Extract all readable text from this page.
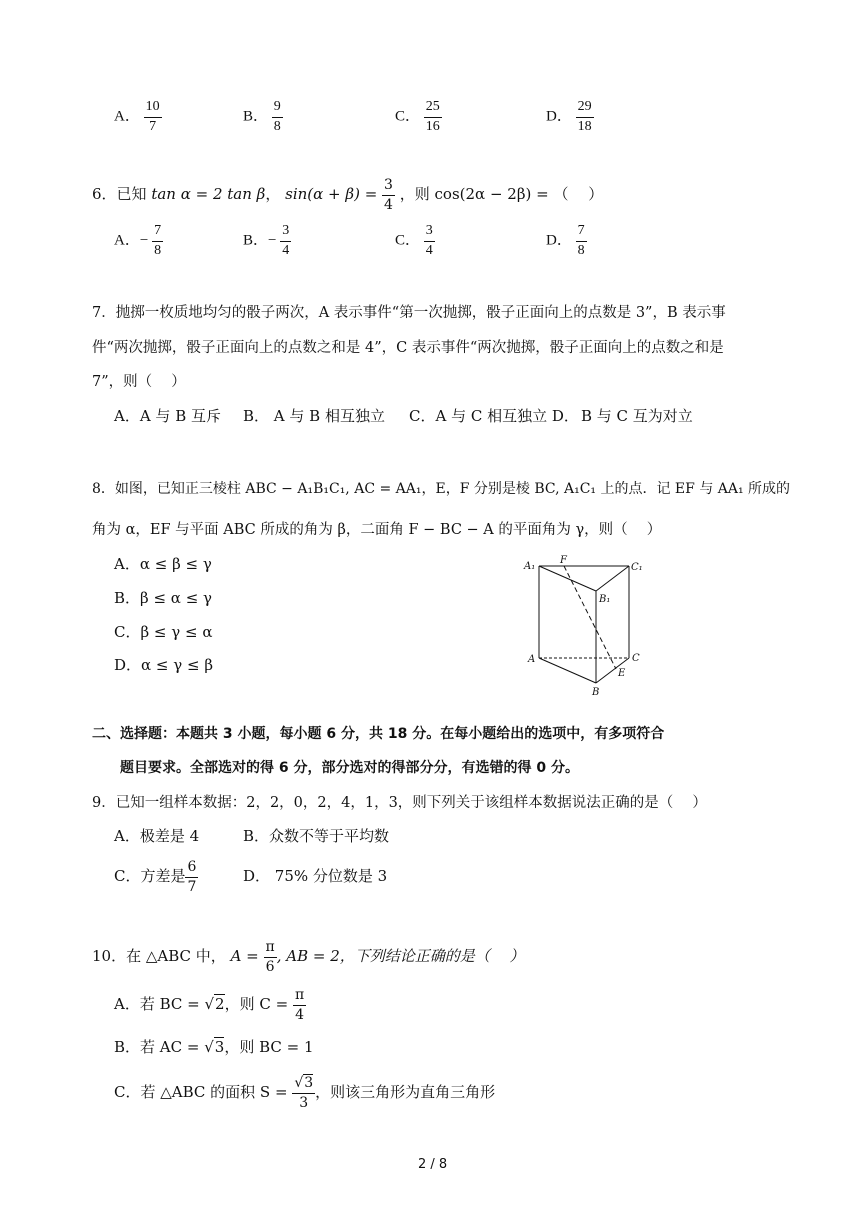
A． $\frac{10}{7}$	B． $\frac{9}{8}$	C． $\frac{25}{16}$	D． $\frac{29}{18}$
6．已知 tan α = 2 tan β， $\sin(\alpha + \beta) = \frac{3}{4}$ ，则 cos(2α − 2β) = （　 ）
A．− $\frac{7}{8}$	B．− $\frac{3}{4}$	C． $\frac{3}{4}$	D． $\frac{7}{8}$
7．抛掷一枚质地均匀的骰子两次，A 表示事件“第一次抛掷，骰子正面向上的点数是 3”，B 表示事
件“两次抛掷，骰子正面向上的点数之和是 4”，C 表示事件“两次抛掷，骰子正面向上的点数之和是
7”，则（　 ）
A．A 与 B 互斥 B． A 与 B 相互独立 C．A 与 C 相互独立 D． B 与 C 互为对立
8．如图，已知正三棱柱 ABC − A₁B₁C₁, AC = AA₁，E，F 分别是棱 BC, A₁C₁ 上的点．记 EF 与 AA₁ 所成的
角为 α，EF 与平面 ABC 所成的角为 β，二面角 F − BC − A 的平面角为 γ，则（　 ）
A．α ≤ β ≤ γ
B．β ≤ α ≤ γ
C．β ≤ γ ≤ α
D．α ≤ γ ≤ β
A₁
F
C₁
B₁
A	C
E
B
二、选择题：本题共 3 小题，每小题 6 分，共 18 分。在每小题给出的选项中，有多项符合
题目要求。全部选对的得 6 分，部分选对的得部分分，有选错的得 0 分。
9．已知一组样本数据：2，2，0，2，4，1，3，则下列关于该组样本数据说法正确的是（　 ）
A．极差是 4	B．众数不等于平均数
C．方差是 $\frac{6}{7}$	D． 75% 分位数是 3
10．在 △ABC 中， $A = \frac{\pi}{6}$ , AB = 2，下列结论正确的是（　 ）
A．若 BC = √2，则 $C = \frac{\pi}{4}$
B．若 AC = √3，则 BC = 1
C．若 △ABC 的面积 $S = \frac{√3}{3}$ ，则该三角形为直角三角形
2 / 8
